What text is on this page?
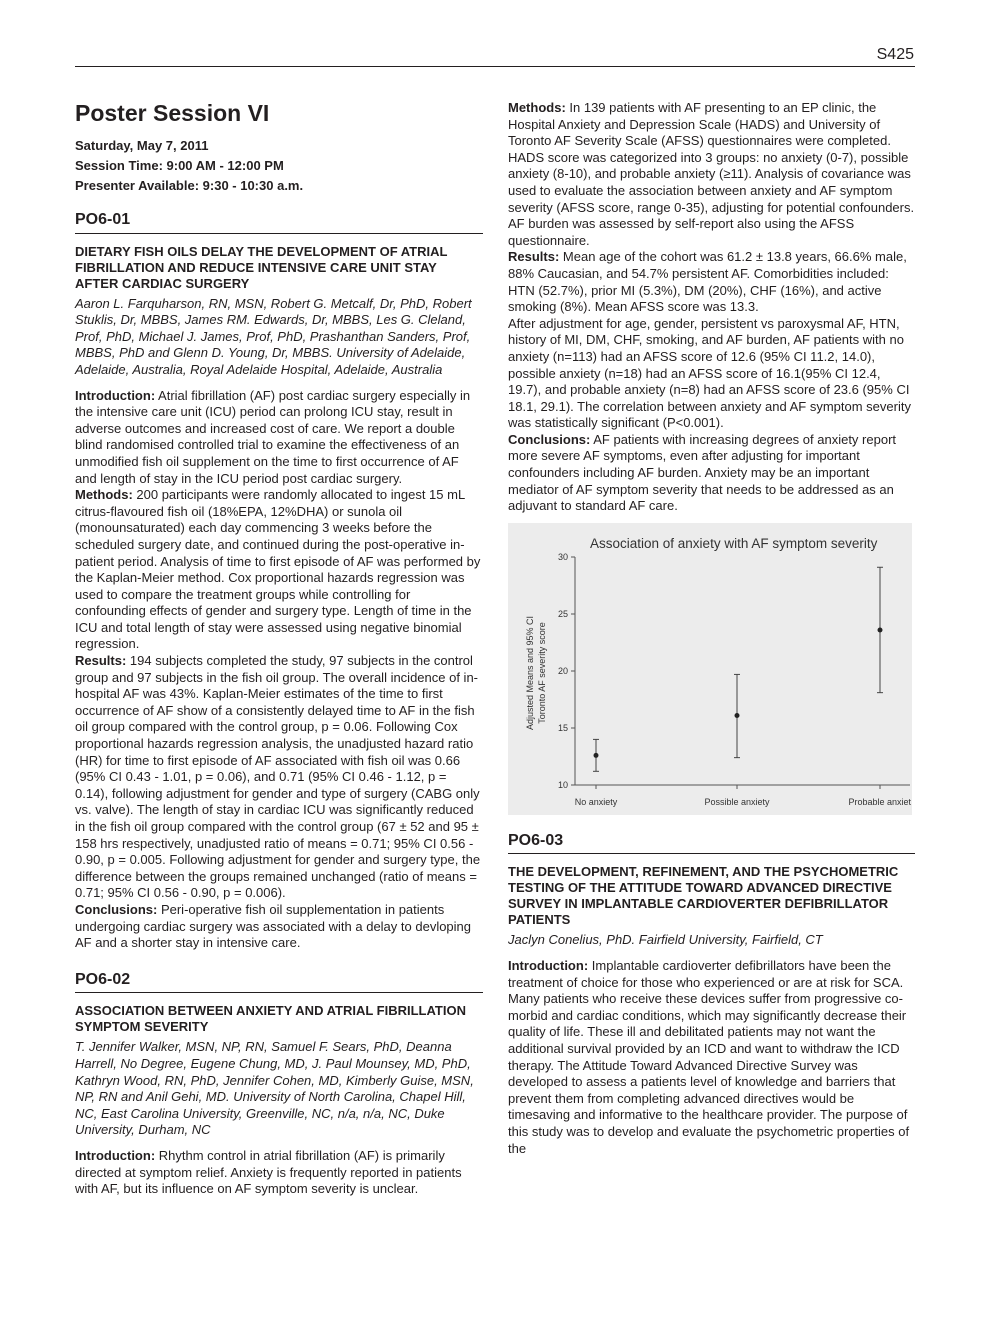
S425
Poster Session VI
Saturday, May 7, 2011
Session Time: 9:00 AM - 12:00 PM
Presenter Available: 9:30 - 10:30 a.m.
PO6-01
DIETARY FISH OILS DELAY THE DEVELOPMENT OF ATRIAL FIBRILLATION AND REDUCE INTENSIVE CARE UNIT STAY AFTER CARDIAC SURGERY
Aaron L. Farquharson, RN, MSN, Robert G. Metcalf, Dr, PhD, Robert Stuklis, Dr, MBBS, James RM. Edwards, Dr, MBBS, Les G. Cleland, Prof, PhD, Michael J. James, Prof, PhD, Prashanthan Sanders, Prof, MBBS, PhD and Glenn D. Young, Dr, MBBS. University of Adelaide, Adelaide, Australia, Royal Adelaide Hospital, Adelaide, Australia

Introduction: Atrial fibrillation (AF) post cardiac surgery especially in the intensive care unit (ICU) period can prolong ICU stay, result in adverse outcomes and increased cost of care. We report a double blind randomised controlled trial to examine the effectiveness of an unmodified fish oil supplement on the time to first occurrence of AF and length of stay in the ICU period post cardiac surgery.

Methods: 200 participants were randomly allocated to ingest 15 mL citrus-flavoured fish oil (18%EPA, 12%DHA) or sunola oil (monounsaturated) each day commencing 3 weeks before the scheduled surgery date, and continued during the post-operative in-patient period. Analysis of time to first episode of AF was performed by the Kaplan-Meier method. Cox proportional hazards regression was used to compare the treatment groups while controlling for confounding effects of gender and surgery type. Length of time in the ICU and total length of stay were assessed using negative binomial regression.

Results: 194 subjects completed the study, 97 subjects in the control group and 97 subjects in the fish oil group. The overall incidence of in-hospital AF was 43%. Kaplan-Meier estimates of the time to first occurrence of AF show of a consistently delayed time to AF in the fish oil group compared with the control group, p = 0.06. Following Cox proportional hazards regression analysis, the unadjusted hazard ratio (HR) for time to first episode of AF associated with fish oil was 0.66 (95% CI 0.43 - 1.01, p = 0.06), and 0.71 (95% CI 0.46 - 1.12, p = 0.14), following adjustment for gender and type of surgery (CABG only vs. valve). The length of stay in cardiac ICU was significantly reduced in the fish oil group compared with the control group (67 ± 52 and 95 ± 158 hrs respectively, unadjusted ratio of means = 0.71; 95% CI 0.56 - 0.90, p = 0.005. Following adjustment for gender and surgery type, the difference between the groups remained unchanged (ratio of means = 0.71; 95% CI 0.56 - 0.90, p = 0.006).

Conclusions: Peri-operative fish oil supplementation in patients undergoing cardiac surgery was associated with a delay to devloping AF and a shorter stay in intensive care.

PO6-02
ASSOCIATION BETWEEN ANXIETY AND ATRIAL FIBRILLATION SYMPTOM SEVERITY
T. Jennifer Walker, MSN, NP, RN, Samuel F. Sears, PhD, Deanna Harrell, No Degree, Eugene Chung, MD, J. Paul Mounsey, MD, PhD, Kathryn Wood, RN, PhD, Jennifer Cohen, MD, Kimberly Guise, MSN, NP, RN and Anil Gehi, MD. University of North Carolina, Chapel Hill, NC, East Carolina University, Greenville, NC, n/a, n/a, NC, Duke University, Durham, NC

Introduction: Rhythm control in atrial fibrillation (AF) is primarily directed at symptom relief. Anxiety is frequently reported in patients with AF, but its influence on AF symptom severity is unclear.

Methods: In 139 patients with AF presenting to an EP clinic, the Hospital Anxiety and Depression Scale (HADS) and University of Toronto AF Severity Scale (AFSS) questionnaires were completed. HADS score was categorized into 3 groups: no anxiety (0-7), possible anxiety (8-10), and probable anxiety (≥11). Analysis of covariance was used to evaluate the association between anxiety and AF symptom severity (AFSS score, range 0-35), adjusting for potential confounders. AF burden was assessed by self-report also using the AFSS questionnaire.

Results: Mean age of the cohort was 61.2 ± 13.8 years, 66.6% male, 88% Caucasian, and 54.7% persistent AF. Comorbidities included: HTN (52.7%), prior MI (5.3%), DM (20%), CHF (16%), and active smoking (8%). Mean AFSS score was 13.3.

After adjustment for age, gender, persistent vs paroxysmal AF, HTN, history of MI, DM, CHF, smoking, and AF burden, AF patients with no anxiety (n=113) had an AFSS score of 12.6 (95% CI 11.2, 14.0), possible anxiety (n=18) had an AFSS score of 16.1(95% CI 12.4, 19.7), and probable anxiety (n=8) had an AFSS score of 23.6 (95% CI 18.1, 29.1). The correlation between anxiety and AF symptom severity was statistically significant (P<0.001).

Conclusions: AF patients with increasing degrees of anxiety report more severe AF symptoms, even after adjusting for important confounders including AF burden. Anxiety may be an important mediator of AF symptom severity that needs to be addressed as an adjuvant to standard AF care.

Association of anxiety with AF symptom severity
Adjusted Means and 95% CI Toronto AF severity score
10
15
20
25
30
No anxiety	Possible anxiety	Probable anxiet
PO6-03
THE DEVELOPMENT, REFINEMENT, AND THE PSYCHOMETRIC TESTING OF THE ATTITUDE TOWARD ADVANCED DIRECTIVE SURVEY IN IMPLANTABLE CARDIOVERTER DEFIBRILLATOR PATIENTS
Jaclyn Conelius, PhD. Fairfield University, Fairfield, CT

Introduction: Implantable cardioverter defibrillators have been the treatment of choice for those who experienced or are at risk for SCA. Many patients who receive these devices suffer from progressive co-morbid and cardiac conditions, which may significantly decrease their quality of life. These ill and debilitated patients may not want the additional survival provided by an ICD and want to withdraw the ICD therapy. The Attitude Toward Advanced Directive Survey was developed to assess a patients level of knowledge and barriers that prevent them from completing advanced directives would be timesaving and informative to the healthcare provider. The purpose of this study was to develop and evaluate the psychometric properties of the
